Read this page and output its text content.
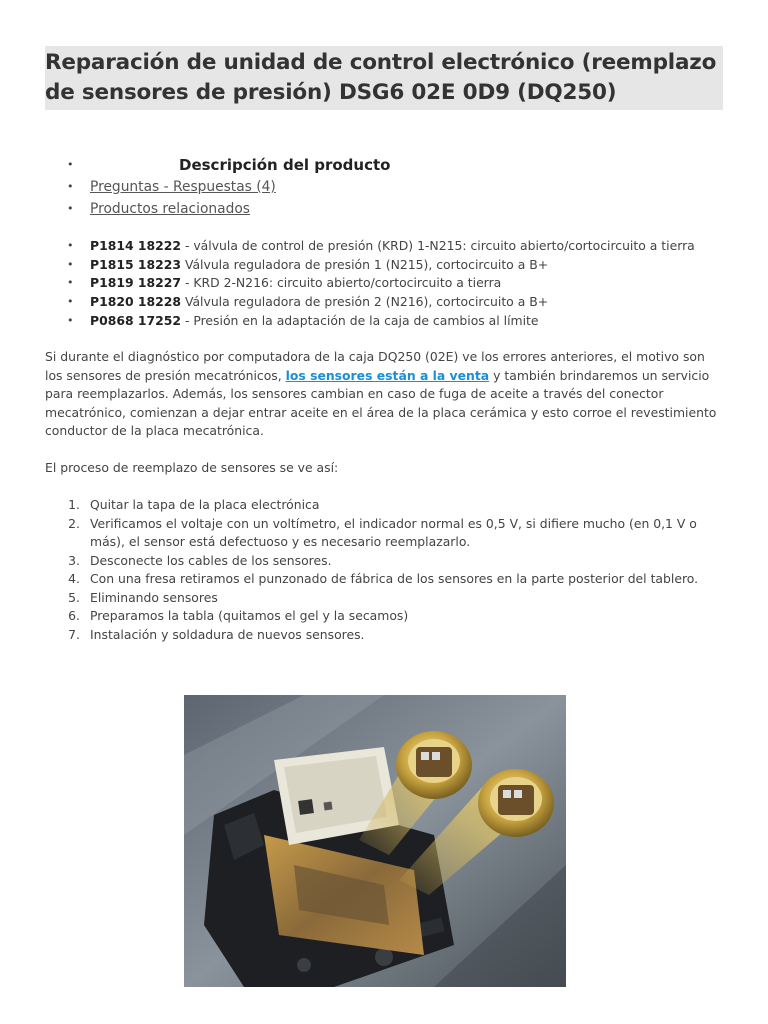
Reparación de unidad de control electrónico (reemplazo de sensores de presión) DSG6 02E 0D9 (DQ250)
• Descripción del producto
• Preguntas - Respuestas (4)
• Productos relacionados
• P1814 18222 - válvula de control de presión (KRD) 1-N215: circuito abierto/cortocircuito a tierra
• P1815 18223 Válvula reguladora de presión 1 (N215), cortocircuito a B+
• P1819 18227 - KRD 2-N216: circuito abierto/cortocircuito a tierra
• P1820 18228 Válvula reguladora de presión 2 (N216), cortocircuito a B+
• P0868 17252 - Presión en la adaptación de la caja de cambios al límite

Si durante el diagnóstico por computadora de la caja DQ250 (02E) ve los errores anteriores, el motivo son los sensores de presión mecatrónicos, los sensores están a la venta y también brindaremos un servicio para reemplazarlos. Además, los sensores cambian en caso de fuga de aceite a través del conector mecatrónico, comienzan a dejar entrar aceite en el área de la placa cerámica y esto corroe el revestimiento conductor de la placa mecatrónica.

El proceso de reemplazo de sensores se ve así:

1. Quitar la tapa de la placa electrónica
2. Verificamos el voltaje con un voltímetro, el indicador normal es 0,5 V, si difiere mucho (en 0,1 V o más), el sensor está defectuoso y es necesario reemplazarlo.
3. Desconecte los cables de los sensores.
4. Con una fresa retiramos el punzonado de fábrica de los sensores en la parte posterior del tablero.
5. Eliminando sensores
6. Preparamos la tabla (quitamos el gel y la secamos)
7. Instalación y soldadura de nuevos sensores.
